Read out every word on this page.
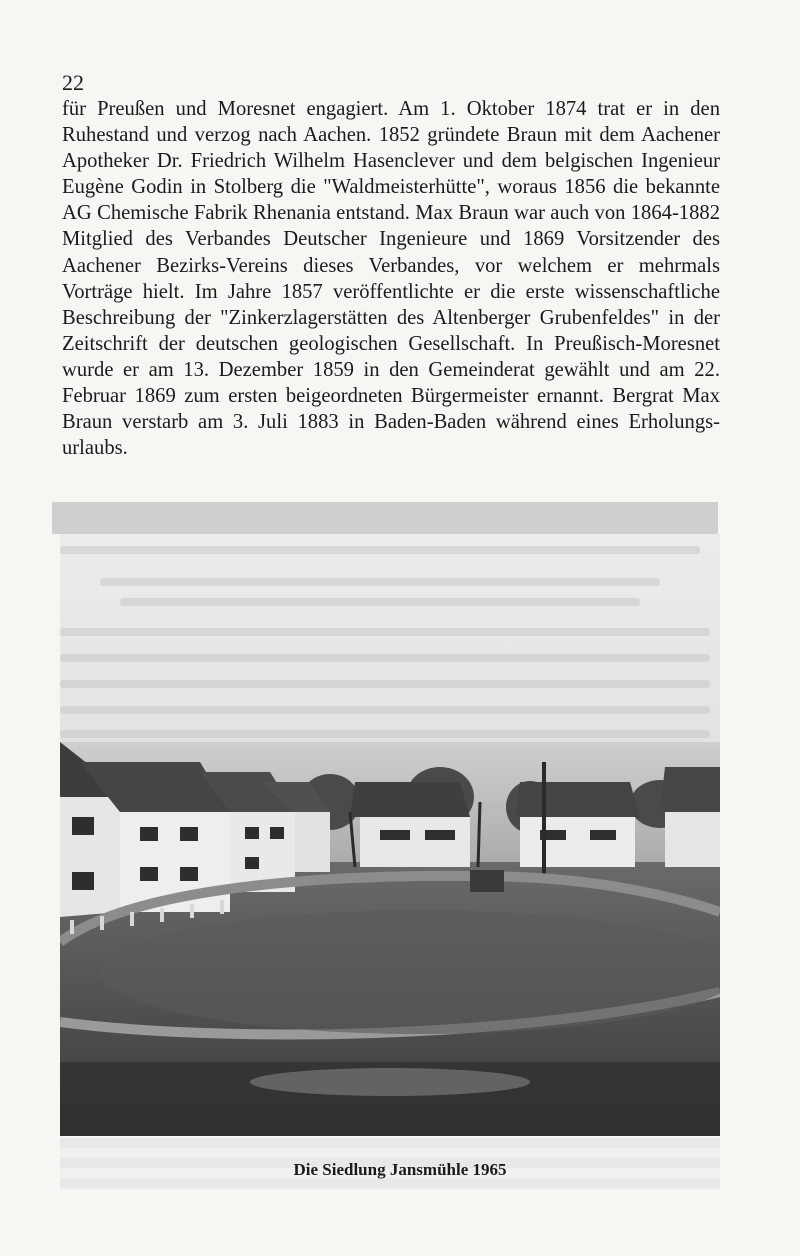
22

für Preußen und Moresnet engagiert. Am 1. Oktober 1874 trat er in den Ruhestand und verzog nach Aachen. 1852 gründete Braun mit dem Aachener Apotheker Dr. Friedrich Wilhelm Hasenclever und dem belgischen Ingenieur Eugène Godin in Stolberg die "Waldmeisterhütte", woraus 1856 die bekannte AG Chemische Fabrik Rhenania entstand. Max Braun war auch von 1864-1882 Mitglied des Verbandes Deutscher Ingenieure und 1869 Vorsitzender des Aachener Bezirks-Vereins dieses Verbandes, vor welchem er mehrmals Vorträge hielt. Im Jahre 1857 veröffentlichte er die erste wissenschaftliche Beschreibung der "Zinkerzlagerstätten des Altenberger Grubenfeldes" in der Zeitschrift der deutschen geologischen Gesellschaft. In Preußisch-Moresnet wurde er am 13. Dezember 1859 in den Gemeinderat gewählt und am 22. Februar 1869 zum ersten beigeordneten Bürgermeister ernannt. Bergrat Max Braun verstarb am 3. Juli 1883 in Baden-Baden während eines Erholungsurlaubs.

Die Siedlung Jansmühle 1965
